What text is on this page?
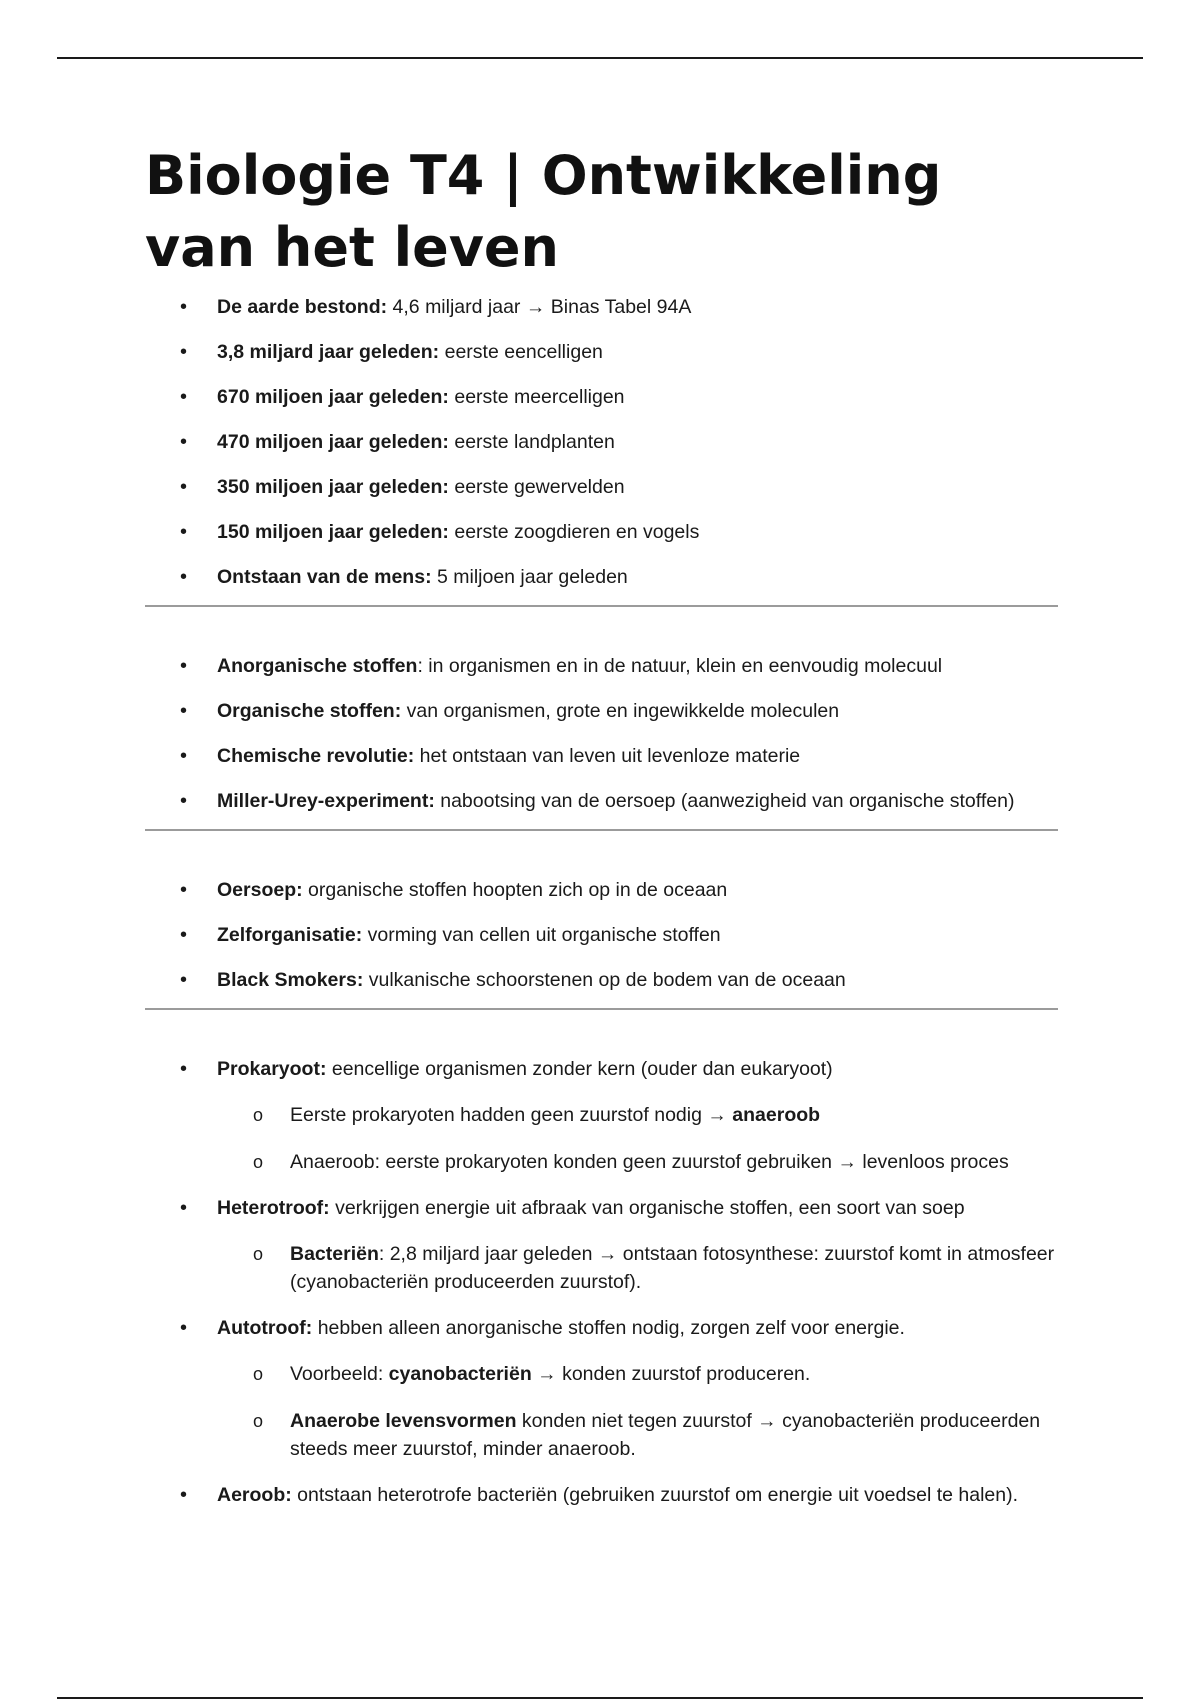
Biologie T4 | Ontwikkeling
van het leven
• De aarde bestond: 4,6 miljard jaar → Binas Tabel 94A
• 3,8 miljard jaar geleden: eerste eencelligen
• 670 miljoen jaar geleden: eerste meercelligen
• 470 miljoen jaar geleden: eerste landplanten
• 350 miljoen jaar geleden: eerste gewervelden
• 150 miljoen jaar geleden: eerste zoogdieren en vogels
• Ontstaan van de mens: 5 miljoen jaar geleden
• Anorganische stoffen: in organismen en in de natuur, klein en eenvoudig molecuul
• Organische stoffen: van organismen, grote en ingewikkelde moleculen
• Chemische revolutie: het ontstaan van leven uit levenloze materie
• Miller-Urey-experiment: nabootsing van de oersoep (aanwezigheid van organische stoffen)
• Oersoep: organische stoffen hoopten zich op in de oceaan
• Zelforganisatie: vorming van cellen uit organische stoffen
• Black Smokers: vulkanische schoorstenen op de bodem van de oceaan
• Prokaryoot: eencellige organismen zonder kern (ouder dan eukaryoot)
o Eerste prokaryoten hadden geen zuurstof nodig → anaeroob
o Anaeroob: eerste prokaryoten konden geen zuurstof gebruiken → levenloos proces
• Heterotroof: verkrijgen energie uit afbraak van organische stoffen, een soort van soep
o Bacteriën: 2,8 miljard jaar geleden → ontstaan fotosynthese: zuurstof komt in atmosfeer (cyanobacteriën produceerden zuurstof).
• Autotroof: hebben alleen anorganische stoffen nodig, zorgen zelf voor energie.
o Voorbeeld: cyanobacteriën → konden zuurstof produceren.
o Anaerobe levensvormen konden niet tegen zuurstof → cyanobacteriën produceerden steeds meer zuurstof, minder anaeroob.
• Aeroob: ontstaan heterotrofe bacteriën (gebruiken zuurstof om energie uit voedsel te halen).
